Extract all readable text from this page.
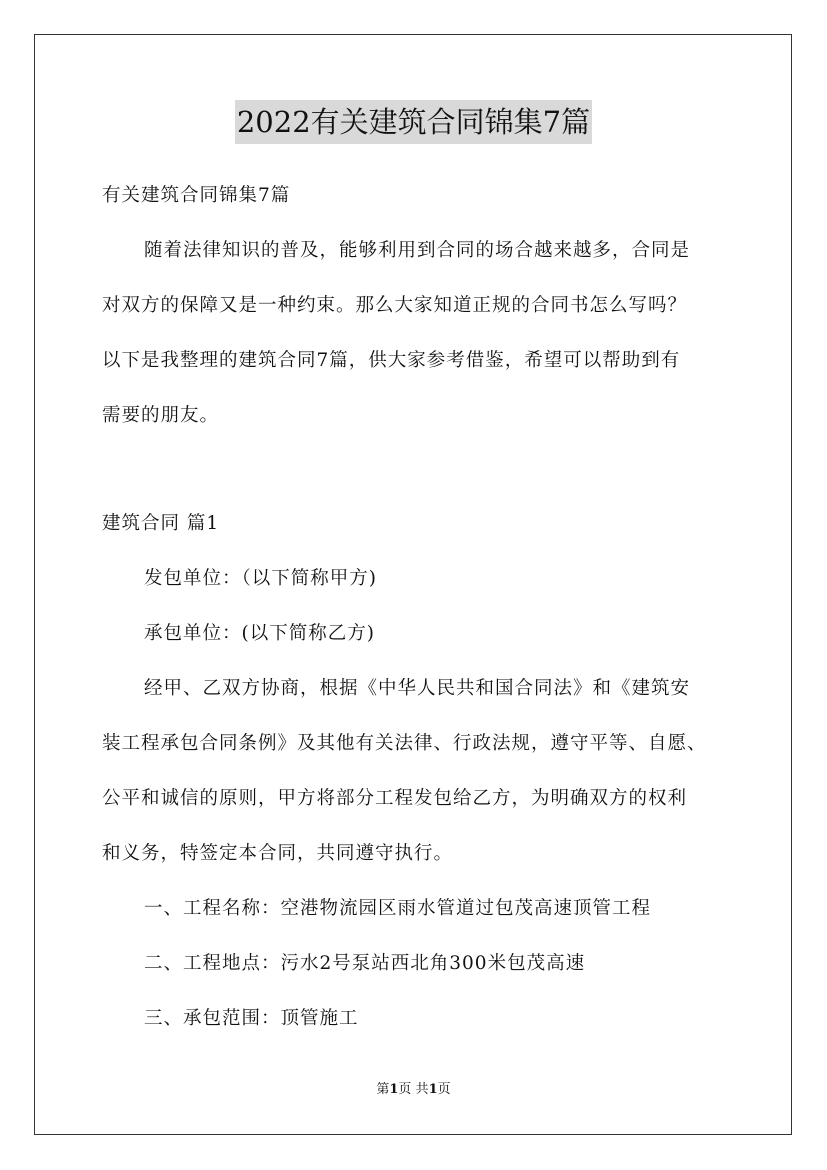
2022有关建筑合同锦集7篇
有关建筑合同锦集7篇
随着法律知识的普及，能够利用到合同的场合越来越多，合同是
对双方的保障又是一种约束。那么大家知道正规的合同书怎么写吗？
以下是我整理的建筑合同7篇，供大家参考借鉴，希望可以帮助到有
需要的朋友。
建筑合同 篇1
发包单位：（以下简称甲方)
承包单位：(以下简称乙方)
经甲、乙双方协商，根据《中华人民共和国合同法》和《建筑安
装工程承包合同条例》及其他有关法律、行政法规，遵守平等、自愿、
公平和诚信的原则，甲方将部分工程发包给乙方，为明确双方的权利
和义务，特签定本合同，共同遵守执行。
一、工程名称：空港物流园区雨水管道过包茂高速顶管工程
二、工程地点：污水2号泵站西北角300米包茂高速
三、承包范围：顶管施工
第1页 共1页
